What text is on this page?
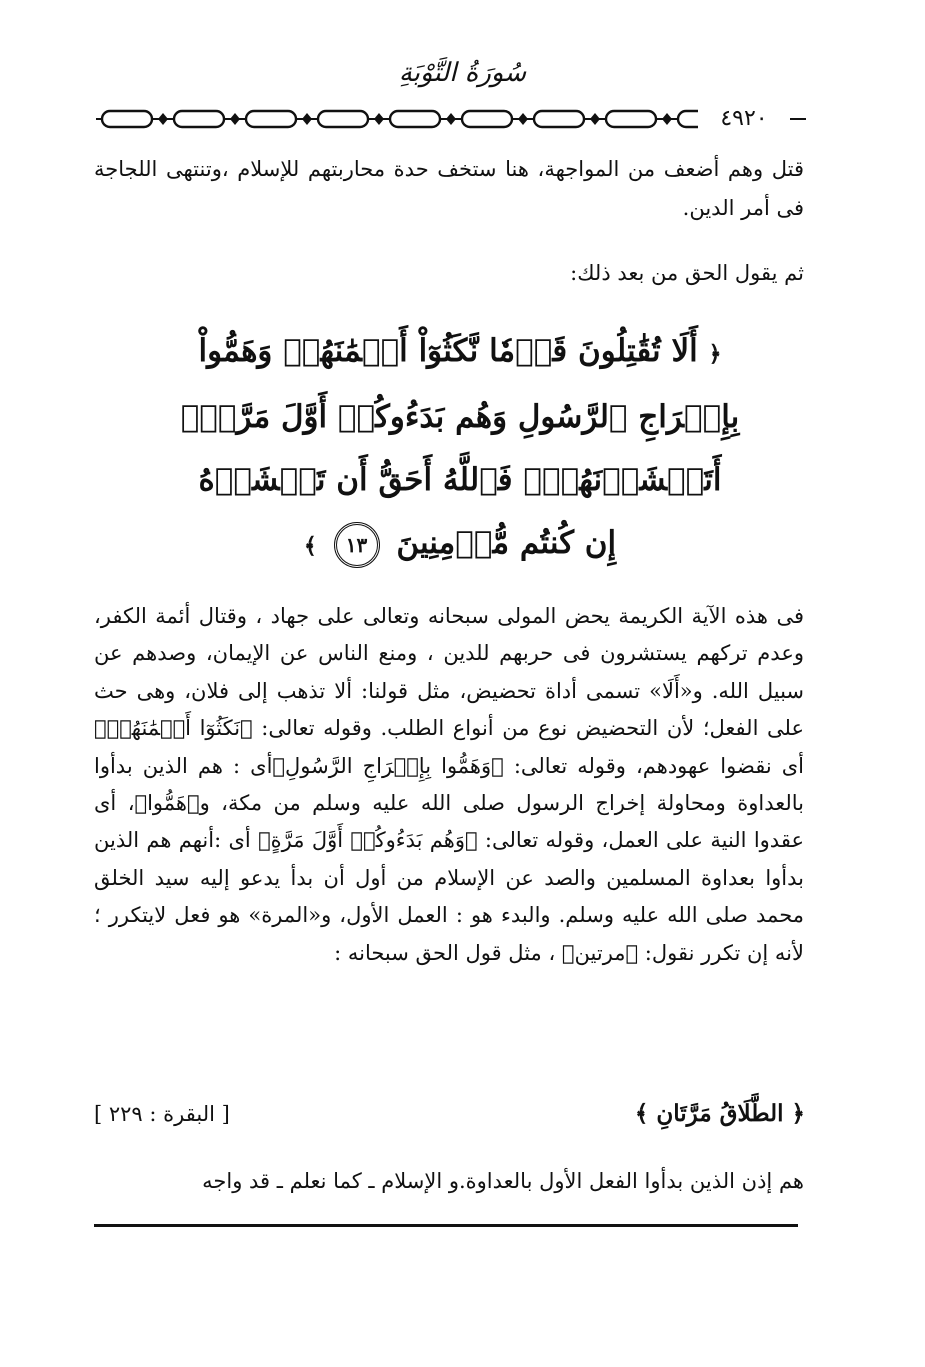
سُورَةُ التَّوْبَةِ
٤٩٢٠
قتل وهم أضعف من المواجهة، هنا ستخف حدة محاربتهم للإسلام ،وتنتهى اللجاجة فى أمر الدين.
ثم يقول الحق من بعد ذلك:
﴿ أَلَا تُقَٰتِلُونَ قَوۡمٗا نَّكَثُوٓاْ أَيۡمَٰنَهُمۡ وَهَمُّواْ بِإِخۡرَاجِ ٱلرَّسُولِ وَهُم بَدَءُوكُمۡ أَوَّلَ مَرَّةٍۚ أَتَخۡشَوۡنَهُمۡۚ فَٱللَّهُ أَحَقُّ أَن تَخۡشَوۡهُ إِن كُنتُم مُّؤۡمِنِينَ ١٣ ﴾
فى هذه الآية الكريمة يحض المولى سبحانه وتعالى على جهاد ، وقتال أئمة الكفر، وعدم تركهم يستشرون فى حربهم للدين ، ومنع الناس عن الإيمان، وصدهم عن سبيل الله. و«أَلَا» تسمى أداة تحضيض، مثل قولنا: ألا تذهب إلى فلان، وهى حث على الفعل؛ لأن التحضيض نوع من أنواع الطلب. وقوله تعالى: ﴿نَكَثُوٓا أَيۡمَٰنَهُمۡ﴾ أى نقضوا عهودهم، وقوله تعالى: ﴿وَهَمُّوا بِإِخۡرَاجِ الرَّسُولِ﴾أى : هم الذين بدأوا بالعداوة ومحاولة إخراج الرسول صلى الله عليه وسلم من مكة، و﴿هَمُّوا﴾، أى عقدوا النية على العمل، وقوله تعالى: ﴿وَهُم بَدَءُوكُمۡ أَوَّلَ مَرَّةٍ﴾ أى :أنهم هم الذين بدأوا بعداوة المسلمين والصد عن الإسلام من أول أن بدأ يدعو إليه سيد الخلق محمد صلى الله عليه وسلم. والبدء هو : العمل الأول، و«المرة» هو فعل لايتكرر ؛ لأنه إن تكرر نقول: ﴿مرتين﴾ ، مثل قول الحق سبحانه :
﴿ الطَّلَاقُ مَرَّتَانِ ﴾
[ البقرة : ٢٢٩ ]
هم إذن الذين بدأوا الفعل الأول بالعداوة.و الإسلام ـ كما نعلم ـ قد واجه
